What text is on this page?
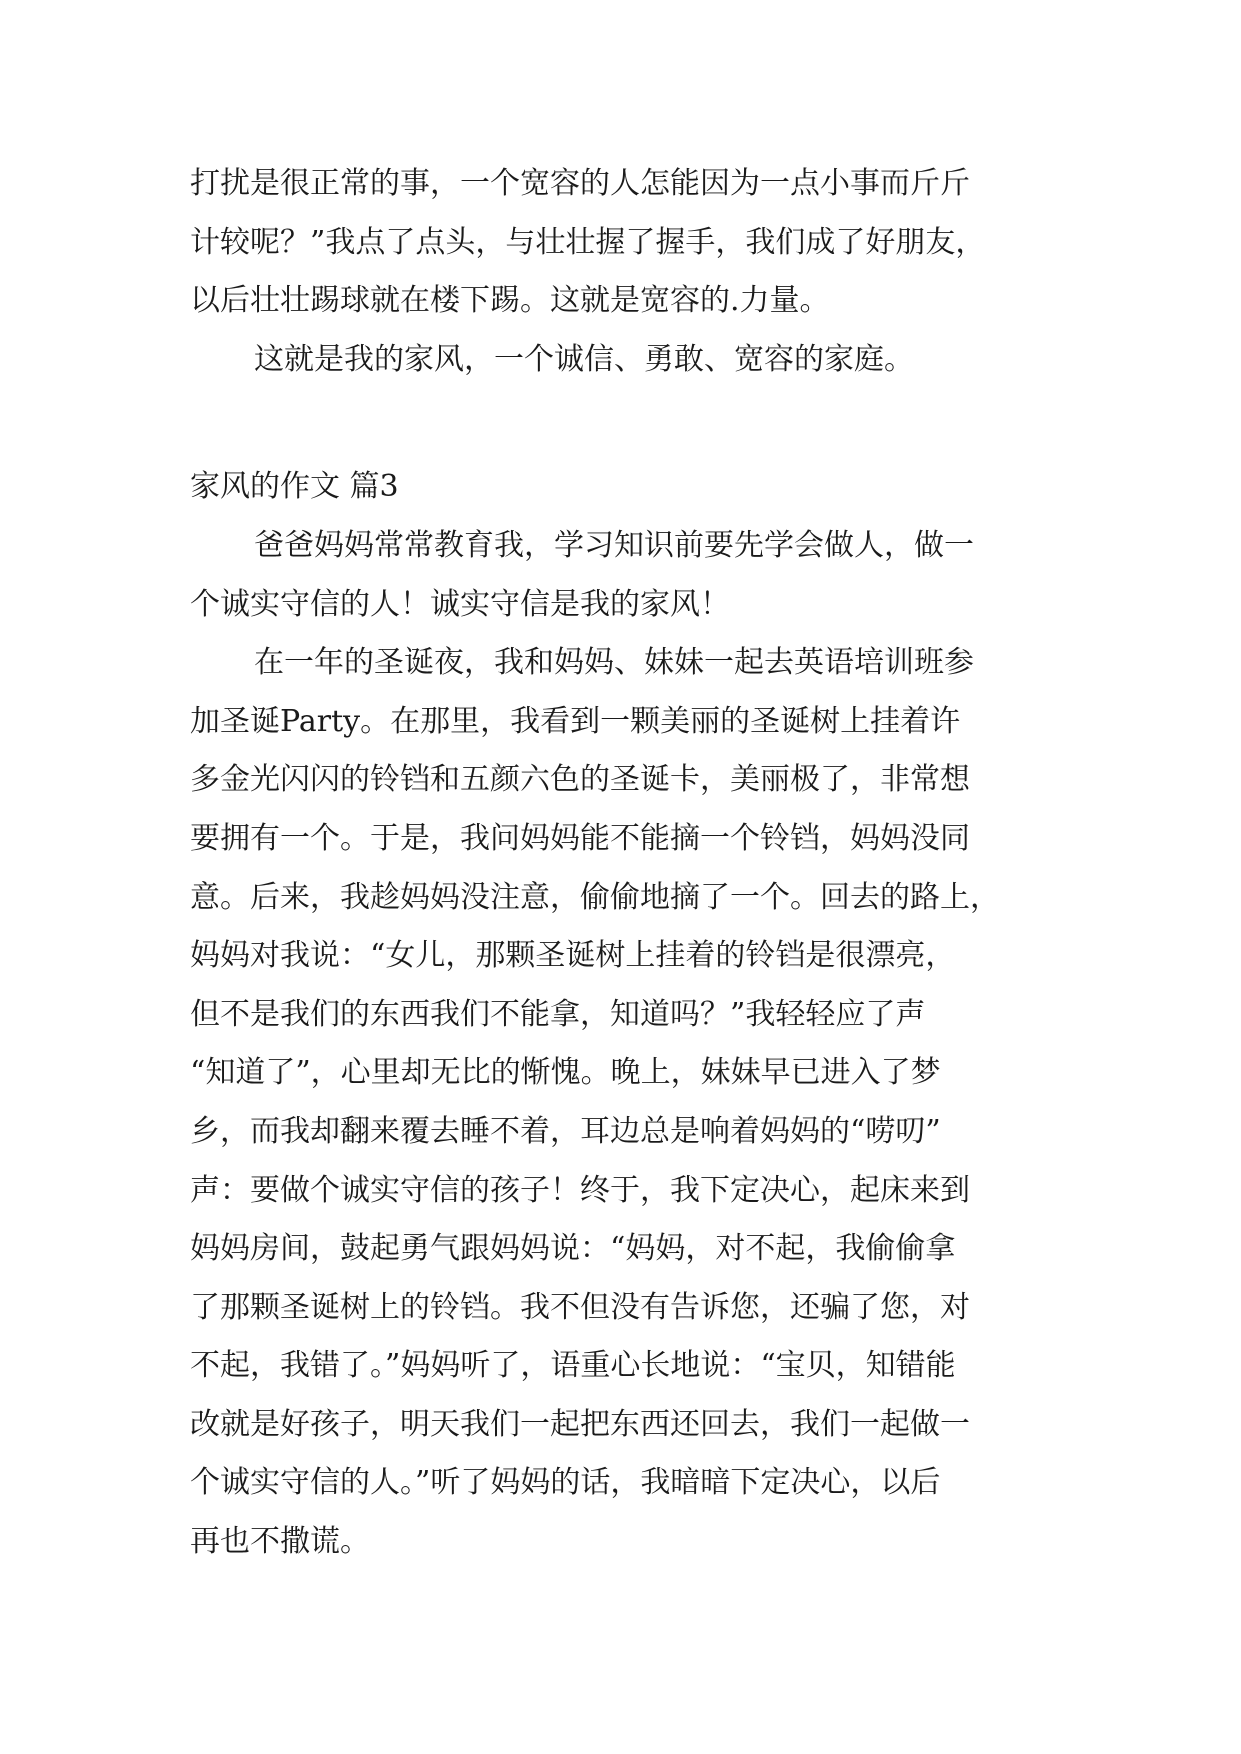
打扰是很正常的事，一个宽容的人怎能因为一点小事而斤斤
计较呢？”我点了点头，与壮壮握了握手，我们成了好朋友，
以后壮壮踢球就在楼下踢。这就是宽容的.力量。
这就是我的家风，一个诚信、勇敢、宽容的家庭。
家风的作文 篇3
爸爸妈妈常常教育我，学习知识前要先学会做人，做一
个诚实守信的人！诚实守信是我的家风！
在一年的圣诞夜，我和妈妈、妹妹一起去英语培训班参
加圣诞Party。在那里，我看到一颗美丽的圣诞树上挂着许
多金光闪闪的铃铛和五颜六色的圣诞卡，美丽极了，非常想
要拥有一个。于是，我问妈妈能不能摘一个铃铛，妈妈没同
意。后来，我趁妈妈没注意，偷偷地摘了一个。回去的路上，
妈妈对我说：“女儿，那颗圣诞树上挂着的铃铛是很漂亮，
但不是我们的东西我们不能拿，知道吗？”我轻轻应了声
“知道了”，心里却无比的惭愧。晚上，妹妹早已进入了梦
乡，而我却翻来覆去睡不着，耳边总是响着妈妈的“唠叨”
声：要做个诚实守信的孩子！终于，我下定决心，起床来到
妈妈房间，鼓起勇气跟妈妈说：“妈妈，对不起，我偷偷拿
了那颗圣诞树上的铃铛。我不但没有告诉您，还骗了您，对
不起，我错了。”妈妈听了，语重心长地说：“宝贝，知错能
改就是好孩子，明天我们一起把东西还回去，我们一起做一
个诚实守信的人。”听了妈妈的话，我暗暗下定决心，以后
再也不撒谎。
